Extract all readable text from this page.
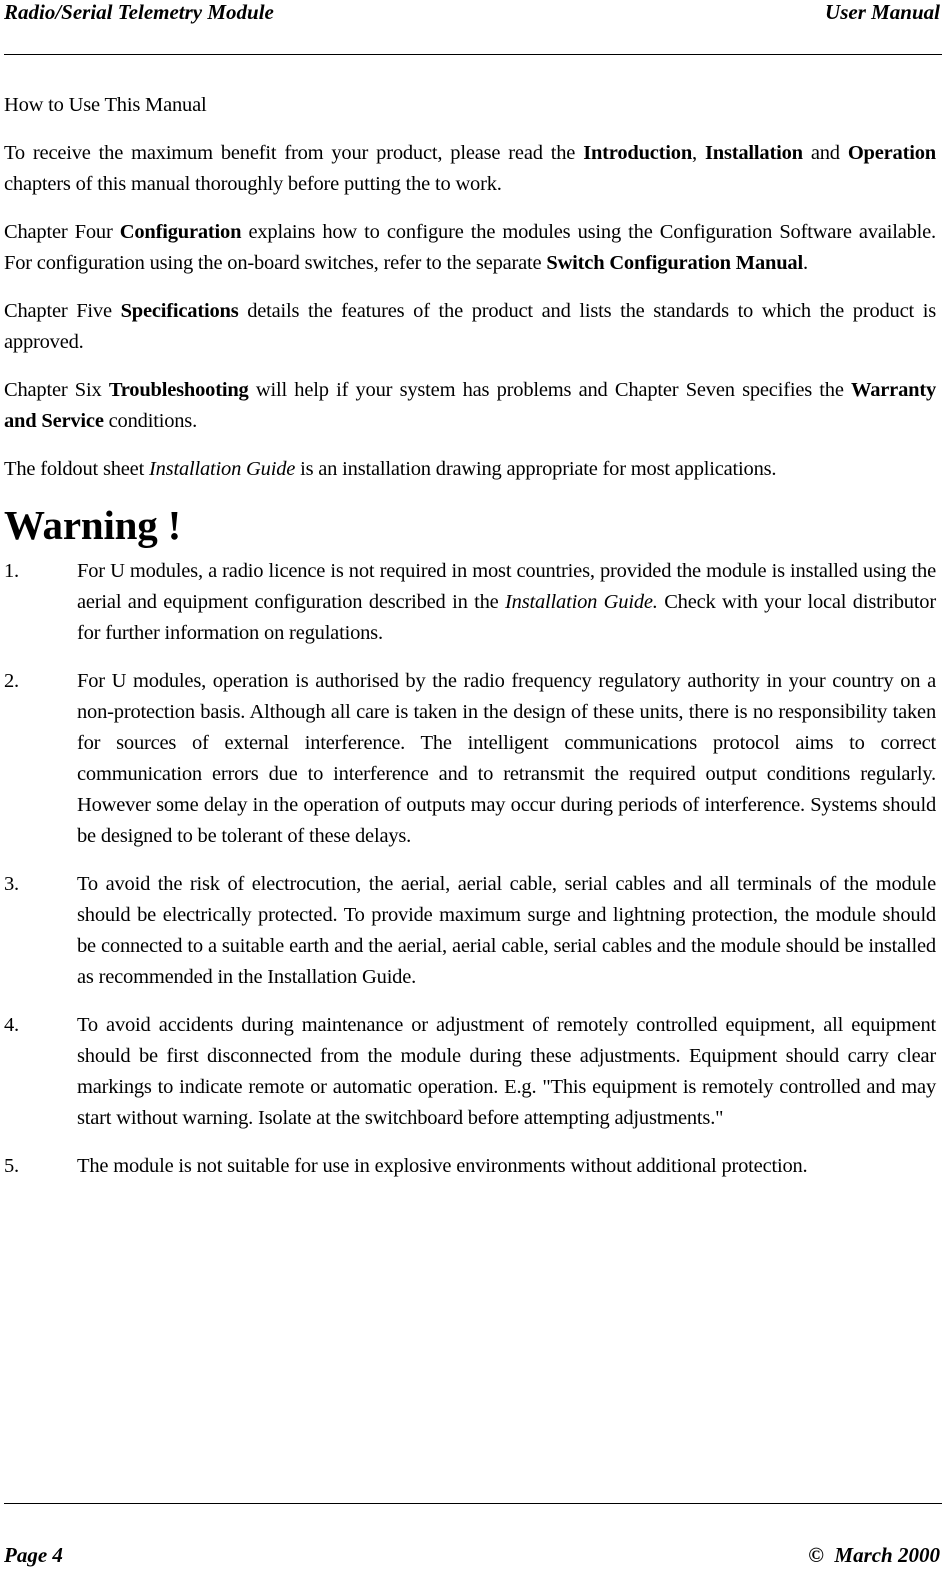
Radio/Serial Telemetry Module	User Manual

How to Use This Manual

To receive the maximum benefit from your product, please read the Introduction, Installation and Operation chapters of this manual thoroughly before putting the to work.

Chapter Four Configuration explains how to configure the modules using the Configuration Software available. For configuration using the on-board switches, refer to the separate Switch Configuration Manual.

Chapter Five Specifications details the features of the product and lists the standards to which the product is approved.

Chapter Six Troubleshooting will help if your system has problems and Chapter Seven specifies the Warranty and Service conditions.

The foldout sheet Installation Guide is an installation drawing appropriate for most applications.

Warning !
1.	For U modules, a radio licence is not required in most countries, provided the module is installed using the aerial and equipment configuration described in the Installation Guide. Check with your local distributor for further information on regulations.
2.	For U modules, operation is authorised by the radio frequency regulatory authority in your country on a non-protection basis. Although all care is taken in the design of these units, there is no responsibility taken for sources of external interference. The intelligent communications protocol aims to correct communication errors due to interference and to retransmit the required output conditions regularly. However some delay in the operation of outputs may occur during periods of interference. Systems should be designed to be tolerant of these delays.
3.	To avoid the risk of electrocution, the aerial, aerial cable, serial cables and all terminals of the module should be electrically protected. To provide maximum surge and lightning protection, the module should be connected to a suitable earth and the aerial, aerial cable, serial cables and the module should be installed as recommended in the Installation Guide.
4.	To avoid accidents during maintenance or adjustment of remotely controlled equipment, all equipment should be first disconnected from the module during these adjustments. Equipment should carry clear markings to indicate remote or automatic operation. E.g. "This equipment is remotely controlled and may start without warning. Isolate at the switchboard before attempting adjustments."
5.	The module is not suitable for use in explosive environments without additional protection.
Page 4	© March 2000
